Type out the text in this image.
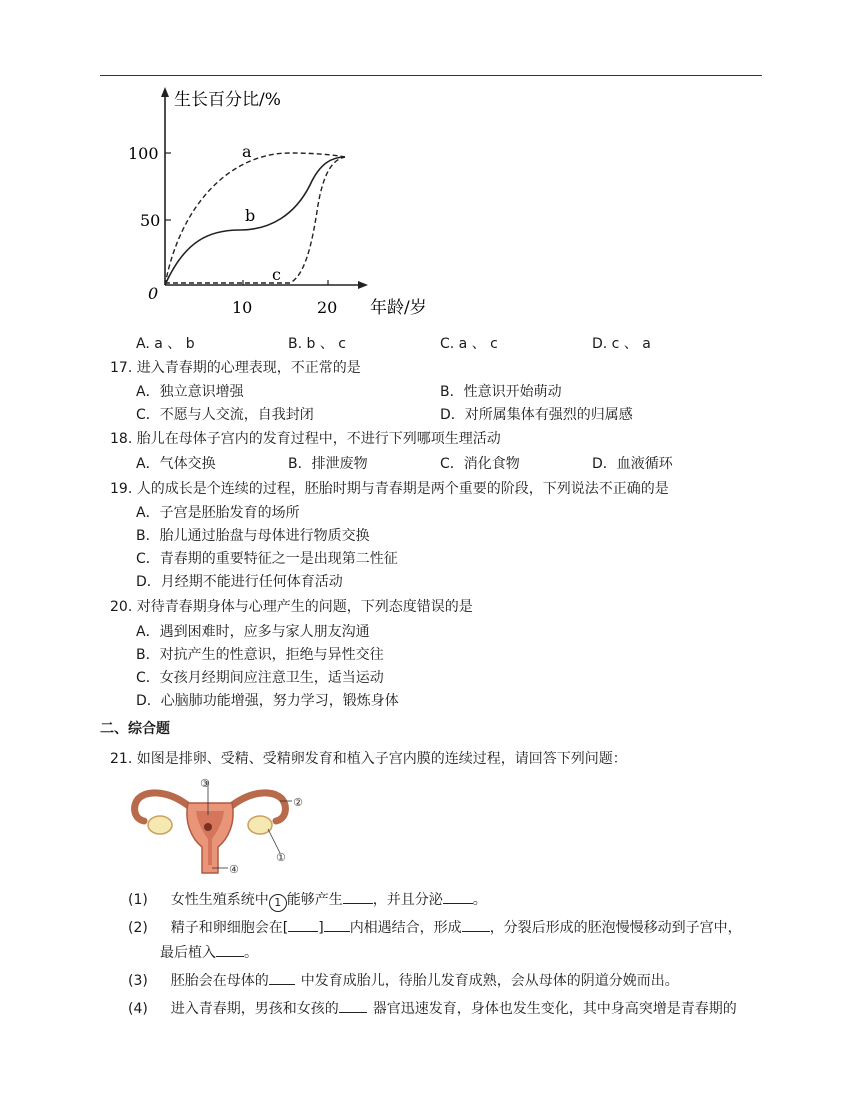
生长百分比/%
100
50
0
10	20 年龄/岁
a
b
c
A. a 、 b	B. b 、 c	C. a 、 c	D. c 、 a
17. 进入青春期的心理表现，不正常的是
A．独立意识增强	B．性意识开始萌动
C．不愿与人交流，自我封闭	D．对所属集体有强烈的归属感
18. 胎儿在母体子宫内的发育过程中，不进行下列哪项生理活动
A．气体交换	B．排泄废物	C．消化食物	D．血液循环
19. 人的成长是个连续的过程，胚胎时期与青春期是两个重要的阶段，下列说法不正确的是
A．子宫是胚胎发育的场所
B．胎儿通过胎盘与母体进行物质交换
C．青春期的重要特征之一是出现第二性征
D．月经期不能进行任何体育活动
20. 对待青春期身体与心理产生的问题，下列态度错误的是
A．遇到困难时，应多与家人朋友沟通
B．对抗产生的性意识，拒绝与异性交往
C．女孩月经期间应注意卫生，适当运动
D．心脑肺功能增强，努力学习，锻炼身体
二、综合题
21. 如图是排卵、受精、受精卵发育和植入子宫内膜的连续过程，请回答下列问题：
③
②
①
④
(1) 女性生殖系统中 1 能够产生 ，并且分泌 。
(2) 精子和卵细胞会在[ ] 内相遇结合，形成 ，分裂后形成的胚泡慢慢移动到子宫中，
最后植入 。
(3) 胚胎会在母体的 中发育成胎儿，待胎儿发育成熟，会从母体的阴道分娩而出。
(4) 进入青春期，男孩和女孩的 器官迅速发育，身体也发生变化，其中身高突增是青春期的
